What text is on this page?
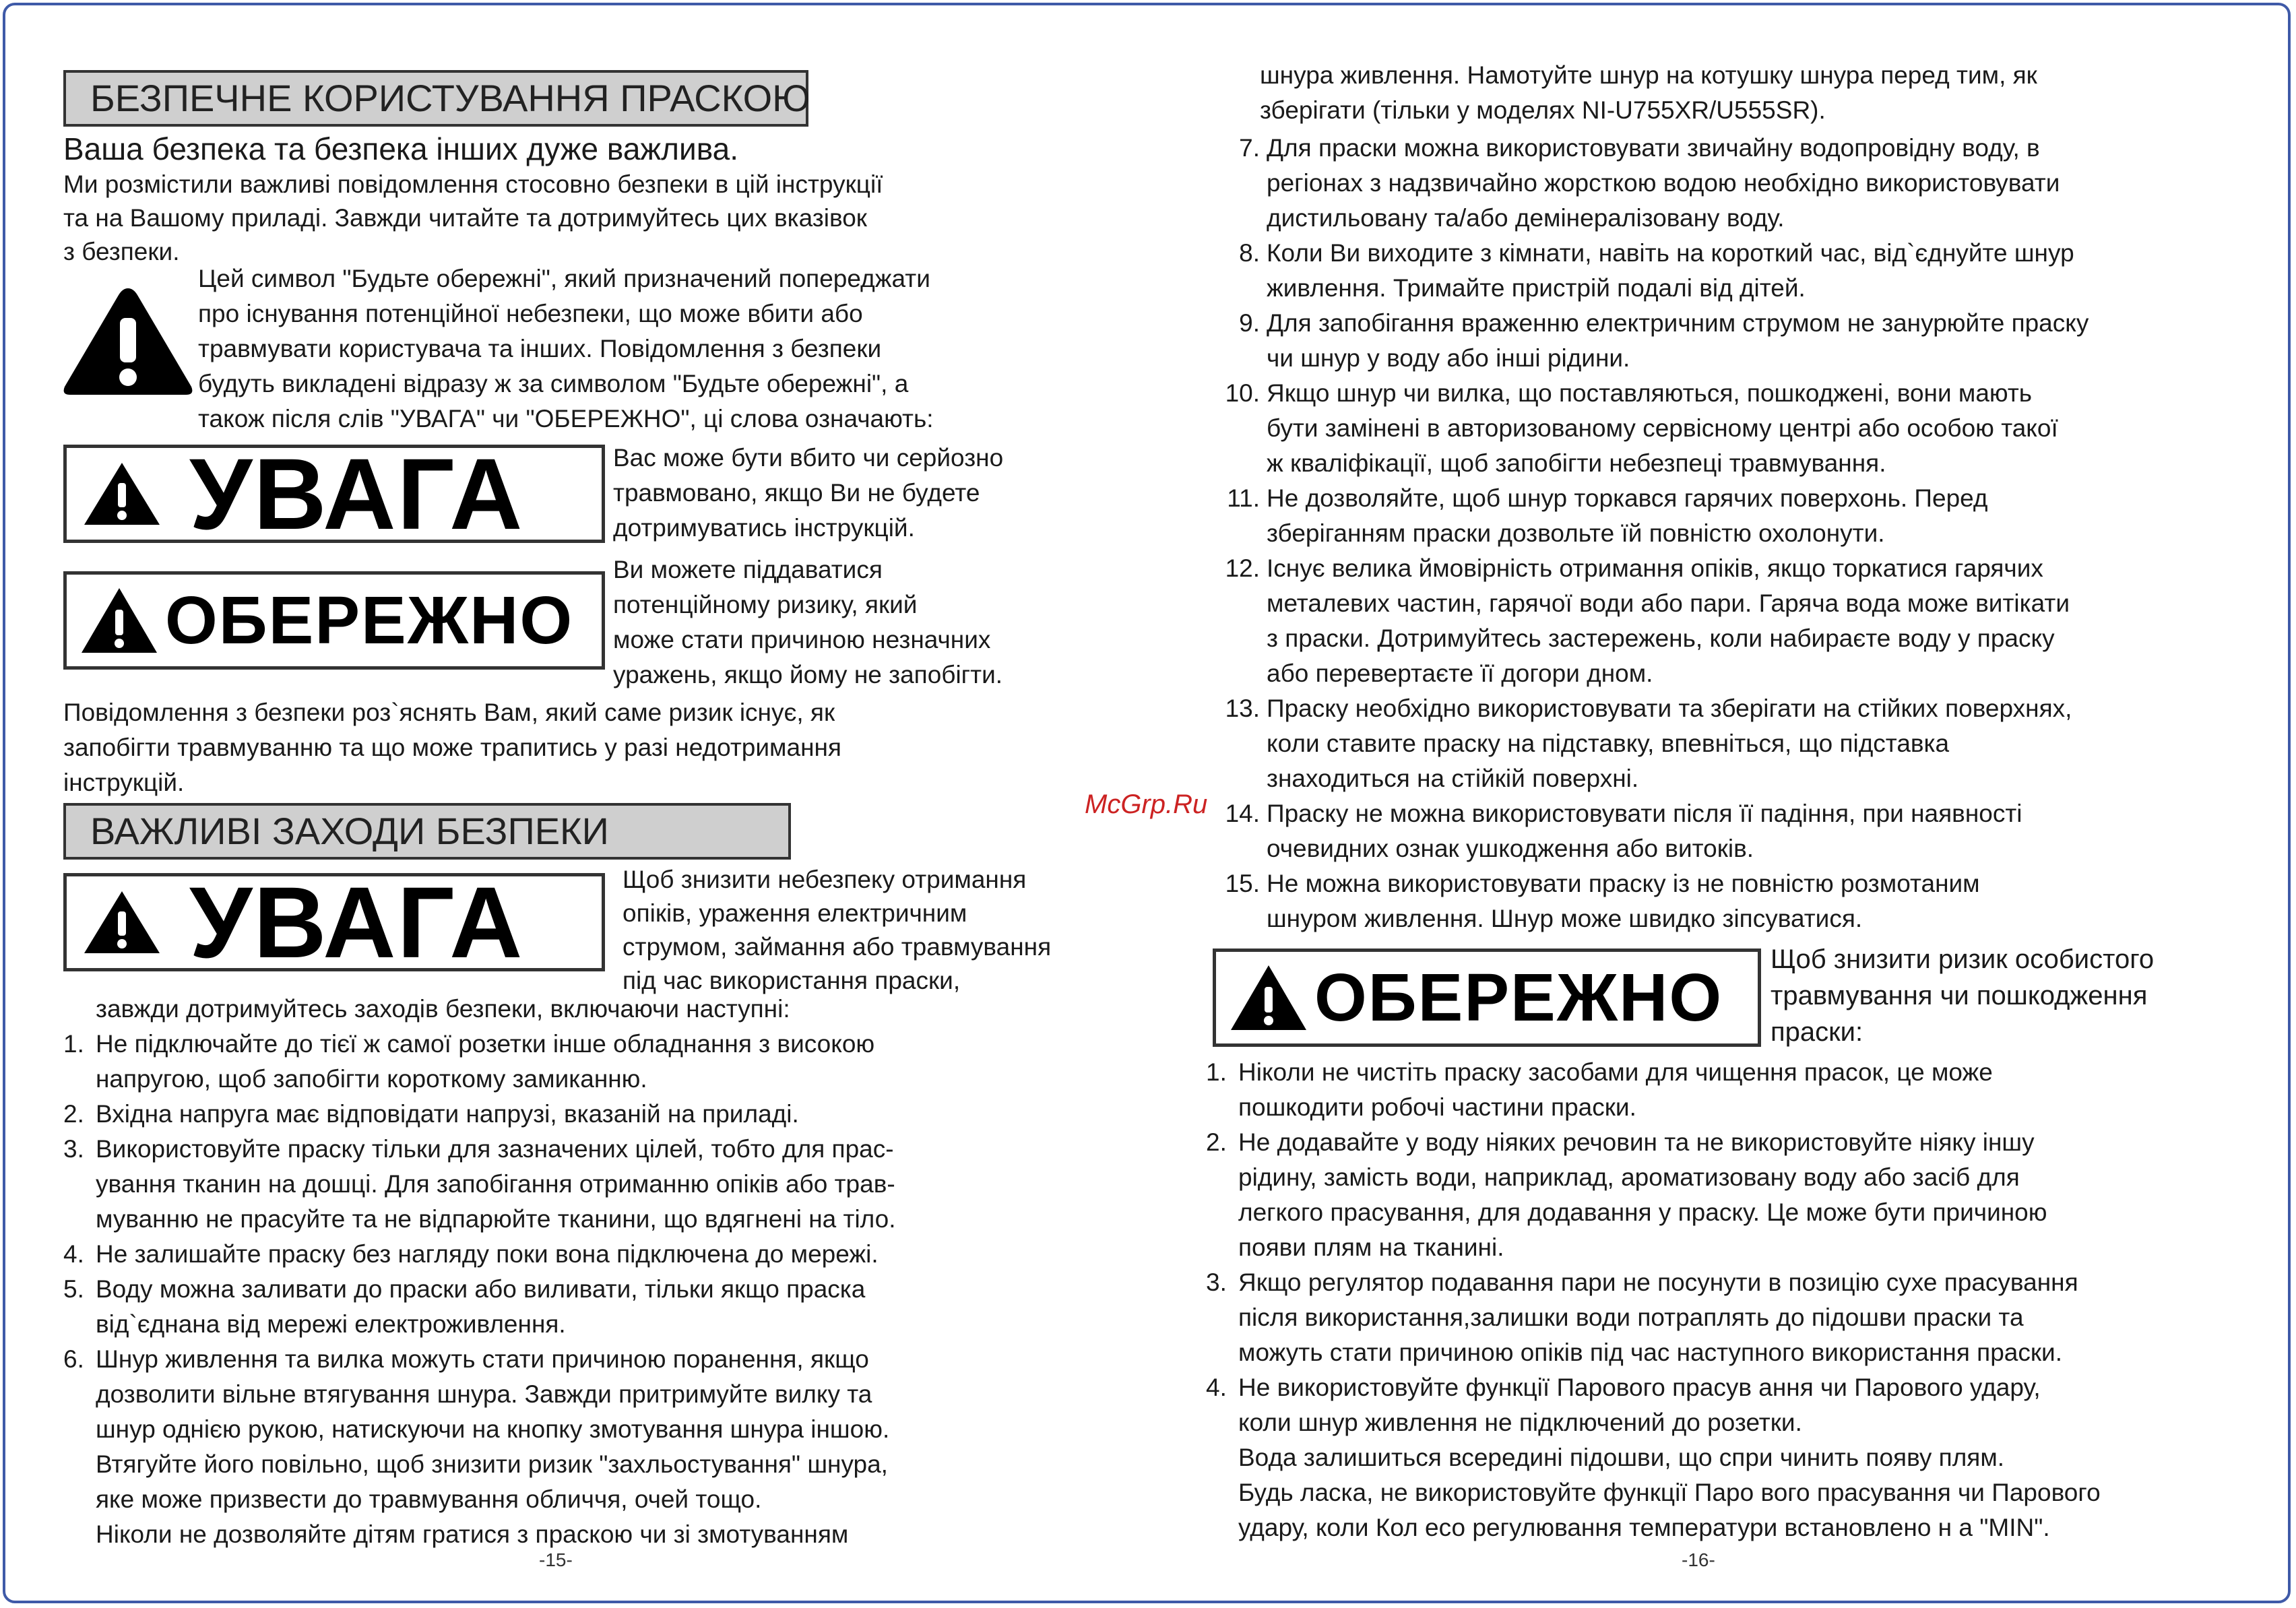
БЕЗПЕЧНЕ КОРИСТУВАННЯ ПРАСКОЮ
Ваша безпека та безпека інших дуже важлива.
Ми розмістили важливі повідомлення стосовно безпеки в цій інструкції
та на Вашому приладі. Завжди читайте та дотримуйтесь цих вказівок
з безпеки.
Цей символ "Будьте обережні", який призначений попереджати
про існування потенційної небезпеки, що може вбити або
травмувати користувача та інших. Повідомлення з безпеки
будуть викладені відразу ж за символом "Будьте обережні", а
також після слів "УВАГА" чи "ОБЕРЕЖНО", ці слова означають:
УВАГА	Вас може бути вбито чи серйозно
травмовано, якщо Ви не будете
дотримуватись інструкцій.
ОБЕРЕЖНО
Ви можете піддаватися
потенційному ризику, який
може стати причиною незначних
уражень, якщо йому не запобігти.
Повідомлення з безпеки роз`яснять Вам, який саме ризик існує, як
запобігти травмуванню та що може трапитись у разі недотримання
інструкцій.
ВАЖЛИВІ ЗАХОДИ БЕЗПЕКИ
УВАГА	Щоб знизити небезпеку отримання
опіків, ураження електричним
струмом, займання або травмування
під час використання праски,
завжди дотримуйтесь заходів безпеки, включаючи наступні:
1. Не підключайте до тієї ж самої розетки інше обладнання з високою
напругою, щоб запобігти короткому замиканню.
2. Вхідна напруга має відповідати напрузі, вказаній на приладі.
3. Використовуйте праску тільки для зазначених цілей, тобто для прас-
ування тканин на дошці. Для запобігання отриманню опіків або трав-
муванню не прасуйте та не відпарюйте тканини, що вдягнені на тіло.
4. Не залишайте праску без нагляду поки вона підключена до мережі.
5. Воду можна заливати до праски або виливати, тільки якщо праска
від`єднана від мережі електроживлення.
6. Шнур живлення та вилка можуть стати причиною поранення, якщо
дозволити вільне втягування шнура. Завжди притримуйте вилку та
шнур однією рукою, натискуючи на кнопку змотування шнура іншою.
Втягуйте його повільно, щоб знизити ризик "захльостування" шнура,
яке може призвести до травмування обличчя, очей тощо.
Ніколи не дозволяйте дітям гратися з праскою чи зі змотуванням
-15-
McGrp.Ru
шнура живлення. Намотуйте шнур на котушку шнура перед тим, як
зберігати (тільки у моделях NI-U755XR/U555SR).
7. Для праски можна використовувати звичайну водопровідну воду, в
регіонах з надзвичайно жорсткою водою необхідно використовувати
дистильовану та/або демінералізовану воду.
8. Коли Ви виходите з кімнати, навіть на короткий час, від`єднуйте шнур
живлення. Тримайте пристрій подалі від дітей.
9. Для запобігання враженню електричним струмом не занурюйте праску
чи шнур у воду або інші рідини.
10. Якщо шнур чи вилка, що поставляються, пошкоджені, вони мають
бути замінені в авторизованому сервісному центрі або особою такої
ж кваліфікації, щоб запобігти небезпеці травмування.
11. Не дозволяйте, щоб шнур торкався гарячих поверхонь. Перед
зберіганням праски дозвольте їй повністю охолонути.
12. Існує велика ймовірність отримання опіків, якщо торкатися гарячих
металевих частин, гарячої води або пари. Гаряча вода може витікати
з праски. Дотримуйтесь застережень, коли набираєте воду у праску
або перевертаєте її догори дном.
13. Праску необхідно використовувати та зберігати на стійких поверхнях,
коли ставите праску на підставку, впевніться, що підставка
знаходиться на стійкій поверхні.
14. Праску не можна використовувати після її падіння, при наявності
очевидних ознак ушкодження або витоків.
15. Не можна використовувати праску із не повністю розмотаним
шнуром живлення. Шнур може швидко зіпсуватися.
ОБЕРЕЖНО
Щоб знизити ризик особистого
травмування чи пошкодження
праски:
1. Ніколи не чистіть праску засобами для чищення прасок, це може
пошкодити робочі частини праски.
2. Не додавайте у воду ніяких речовин та не використовуйте ніяку іншу
рідину, замість води, наприклад, ароматизовану воду або засіб для
легкого прасування, для додавання у праску. Це може бути причиною
появи плям на тканині.
3. Якщо регулятор подавання пари не посунути в позицію сухе прасування
після використання,залишки води потраплять до підошви праски та
можуть стати причиною опіків під час наступного використання праски.
4. Не використовуйте функції Парового прасув ання чи Парового удару,
коли шнур живлення не підключений до розетки.
Вода залишиться всередині підошви, що спри чинить появу плям.
Будь ласка, не використовуйте функції Паро вого прасування чи Парового
удару, коли Кол есо регулювання температури встановлено н а "MIN".
-16-
